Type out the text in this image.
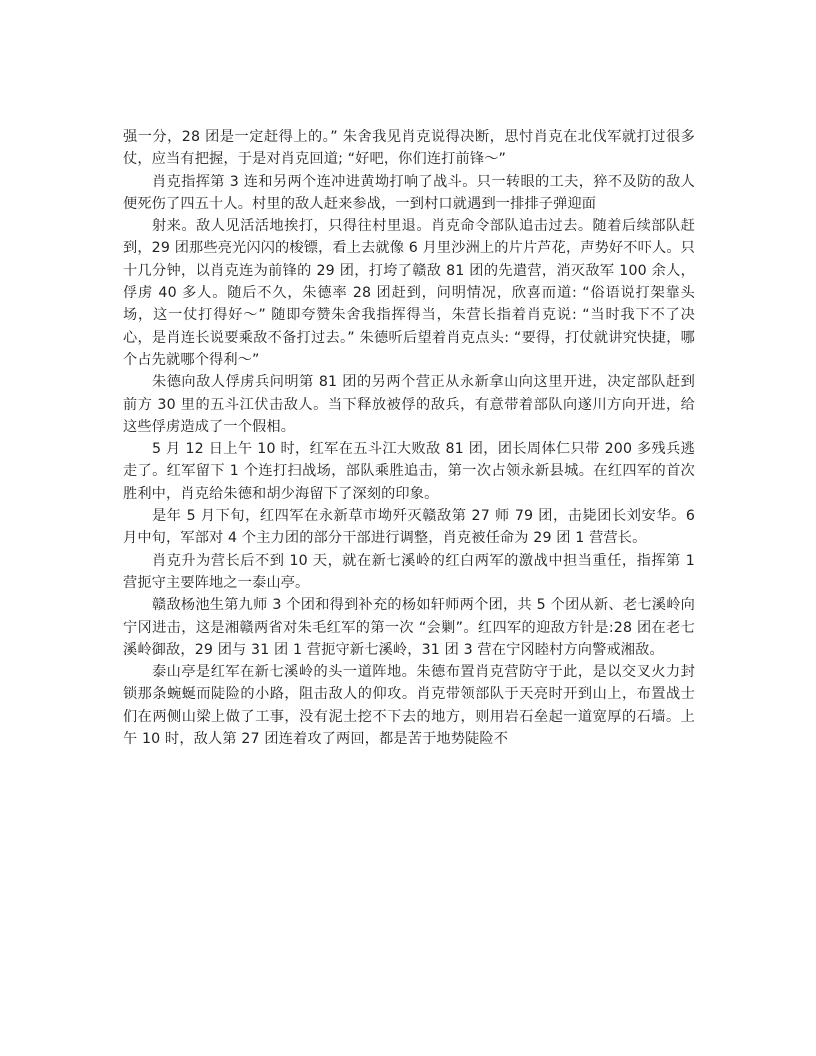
强一分，28 团是一定赶得上的。” 朱舍我见肖克说得决断，思忖肖克在北伐军就打过很多仗，应当有把握，于是对肖克回道; “好吧，你们连打前锋～”

肖克指挥第 3 连和另两个连冲进黄坳打响了战斗。只一转眼的工夫，猝不及防的敌人便死伤了四五十人。村里的敌人赶来参战，一到村口就遇到一排排子弹迎面

射来。敌人见活活地挨打，只得往村里退。肖克命令部队追击过去。随着后续部队赶到，29 团那些亮光闪闪的梭镖，看上去就像 6 月里沙洲上的片片芦花，声势好不吓人。只十几分钟，以肖克连为前锋的 29 团，打垮了赣敌 81 团的先遣营，消灭敌军 100 余人，俘虏 40 多人。随后不久，朱德率 28 团赶到，问明情况，欣喜而道: “俗语说打架靠头场，这一仗打得好～” 随即夸赞朱舍我指挥得当，朱营长指着肖克说: “当时我下不了决心，是肖连长说要乘敌不备打过去。” 朱德听后望着肖克点头: “要得，打仗就讲究快捷，哪个占先就哪个得利～”

朱德向敌人俘虏兵问明第 81 团的另两个营正从永新拿山向这里开进，决定部队赶到前方 30 里的五斗江伏击敌人。当下释放被俘的敌兵，有意带着部队向遂川方向开进，给这些俘虏造成了一个假相。

5 月 12 日上午 10 时，红军在五斗江大败敌 81 团，团长周体仁只带 200 多残兵逃走了。红军留下 1 个连打扫战场，部队乘胜追击，第一次占领永新县城。在红四军的首次胜利中，肖克给朱德和胡少海留下了深刻的印象。

是年 5 月下旬，红四军在永新草市坳歼灭赣敌第 27 师 79 团，击毙团长刘安华。6 月中旬，军部对 4 个主力团的部分干部进行调整，肖克被任命为 29 团 1 营营长。

肖克升为营长后不到 10 天，就在新七溪岭的红白两军的激战中担当重任，指挥第 1 营扼守主要阵地之一泰山亭。

赣敌杨池生第九师 3 个团和得到补充的杨如轩师两个团，共 5 个团从新、老七溪岭向宁冈进击，这是湘赣两省对朱毛红军的第一次 “会剿”。红四军的迎敌方针是:28 团在老七溪岭御敌，29 团与 31 团 1 营扼守新七溪岭，31 团 3 营在宁冈睦村方向警戒湘敌。

泰山亭是红军在新七溪岭的头一道阵地。朱德布置肖克营防守于此，是以交叉火力封锁那条蜿蜒而陡险的小路，阻击敌人的仰攻。肖克带领部队于天亮时开到山上，布置战士们在两侧山梁上做了工事，没有泥土挖不下去的地方，则用岩石垒起一道宽厚的石墙。上午 10 时，敌人第 27 团连着攻了两回，都是苦于地势陡险不
